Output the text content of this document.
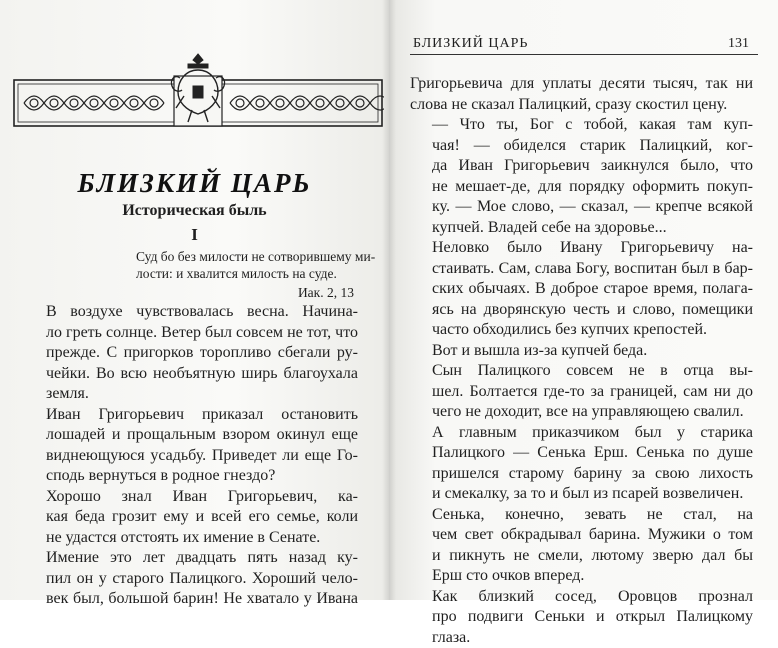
БЛИЗКИЙ ЦАРЬ
Историческая быль
I
Суд бо без милости не сотворившему ми-
лости: и хвалится милость на суде.
Иак. 2, 13

В воздухе чувствовалась весна. Начина-
ло греть солнце. Ветер был совсем не тот, что
прежде. С пригорков торопливо сбегали ру-
чейки. Во всю необъятную ширь благоухала
земля.

Иван Григорьевич приказал остановить
лошадей и прощальным взором окинул еще
виднеющуюся усадьбу. Приведет ли еще Го-
сподь вернуться в родное гнездо?

Хорошо знал Иван Григорьевич, ка-
кая беда грозит ему и всей его семье, коли
не удастся отстоять их имение в Сенате.

Имение это лет двадцать пять назад ку-
пил он у старого Палицкого. Хороший чело-
век был, большой барин! Не хватало у Ивана

БЛИЗКИЙ ЦАРЬ	131

Григорьевича для уплаты десяти тысяч, так ни
слова не сказал Палицкий, сразу скостил цену.

— Что ты, Бог с тобой, какая там куп-
чая! — обиделся старик Палицкий, ког-
да Иван Григорьевич заикнулся было, что
не мешает-де, для порядку оформить покуп-
ку. — Мое слово, — сказал, — крепче всякой
купчей. Владей себе на здоровье...

Неловко было Ивану Григорьевичу на-
стаивать. Сам, слава Богу, воспитан был в бар-
ских обычаях. В доброе старое время, полага-
ясь на дворянскую честь и слово, помещики
часто обходились без купчих крепостей.

Вот и вышла из-за купчей беда.

Сын Палицкого совсем не в отца вы-
шел. Болтается где-то за границей, сам ни до
чего не доходит, все на управляющею свалил.

А главным приказчиком был у старика
Палицкого — Сенька Ерш. Сенька по душе
пришелся старому барину за свою лихость
и смекалку, за то и был из псарей возвеличен.

Сенька, конечно, зевать не стал, на
чем свет обкрадывал барина. Мужики о том
и пикнуть не смели, лютому зверю дал бы
Ерш сто очков вперед.

Как близкий сосед, Оровцов прознал
про подвиги Сеньки и открыл Палицкому
глаза.
